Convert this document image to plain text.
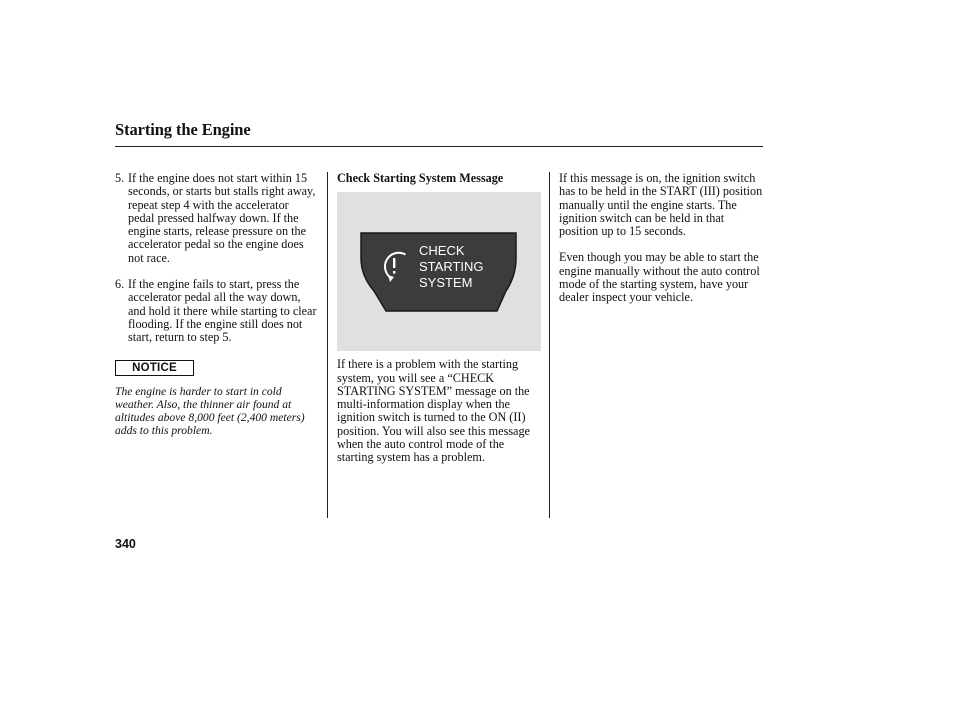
Starting the Engine
5. If the engine does not start within 15 seconds, or starts but stalls right away, repeat step 4 with the accelerator pedal pressed halfway down. If the engine starts, release pressure on the accelerator pedal so the engine does not race.

6. If the engine fails to start, press the accelerator pedal all the way down, and hold it there while starting to clear flooding. If the engine still does not start, return to step 5.

NOTICE

The engine is harder to start in cold weather. Also, the thinner air found at altitudes above 8,000 feet (2,400 meters) adds to this problem.

Check Starting System Message

CHECK
STARTING
SYSTEM

If there is a problem with the starting system, you will see a “CHECK STARTING SYSTEM” message on the multi-information display when the ignition switch is turned to the ON (II) position. You will also see this message when the auto control mode of the starting system has a problem.

If this message is on, the ignition switch has to be held in the START (III) position manually until the engine starts. The ignition switch can be held in that position up to 15 seconds.

Even though you may be able to start the engine manually without the auto control mode of the starting system, have your dealer inspect your vehicle.

340
